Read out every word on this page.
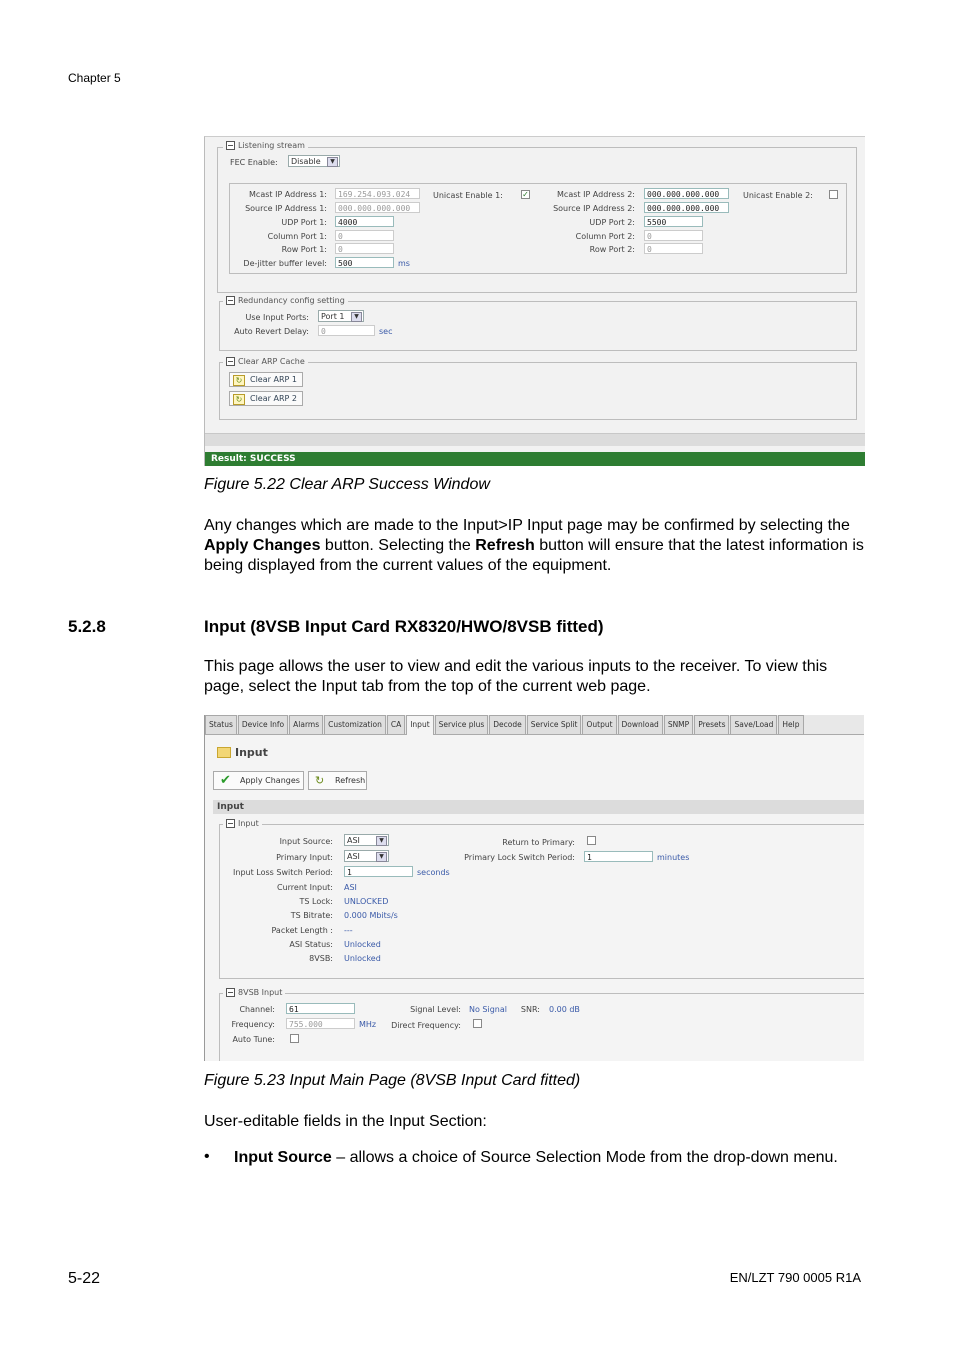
Chapter 5
Listening stream
FEC Enable:	Disable	▼
Mcast IP Address 1:	169.254.093.024
Source IP Address 1:	000.000.000.000
UDP Port 1:	4000
Column Port 1:	0
Row Port 1:	0
De-jitter buffer level:	500	ms
Unicast Enable 1: ✓	Mcast IP Address 2:	000.000.000.000
Source IP Address 2:	000.000.000.000
UDP Port 2:	5500
Column Port 2:	0
Row Port 2:	0
Unicast Enable 2:
Redundancy config setting
Use Input Ports:	Port 1	▼
Auto Revert Delay:	0	sec
Clear ARP Cache
↻ Clear ARP 1
↻ Clear ARP 2
Result: SUCCESS
Figure 5.22 Clear ARP Success Window
Any changes which are made to the Input>IP Input page may be confirmed by selecting the Apply Changes button. Selecting the Refresh button will ensure that the latest information is being displayed from the current values of the equipment.
5.2.8	Input (8VSB Input Card RX8320/HWO/8VSB fitted)
This page allows the user to view and edit the various inputs to the receiver. To view this page, select the Input tab from the top of the current web page.
Status	Device Info	Alarms	Customization	CA	Input	Service plus	Decode	Service Split	Output	Download	SNMP	Presets	Save/Load	Help
Input
✔ Apply Changes	↻ Refresh
Input
Input
Input Source:	ASI	▼
Primary Input:	ASI	▼
Input Loss Switch Period:	1	seconds
Current Input: ASI
TS Lock: UNLOCKED
TS Bitrate: 0.000 Mbits/s
Packet Length : ---
ASI Status: Unlocked
8VSB: Unlocked
Return to Primary:
Primary Lock Switch Period:	1	minutes
8VSB Input
Channel:	61
Frequency:	755.000	MHz
Auto Tune:
Signal Level: No Signal	SNR: 0.00 dB
Direct Frequency:
Figure 5.23 Input Main Page (8VSB Input Card fitted)
User-editable fields in the Input Section:
• Input Source – allows a choice of Source Selection Mode from the drop-down menu.
5-22	EN/LZT 790 0005 R1A
